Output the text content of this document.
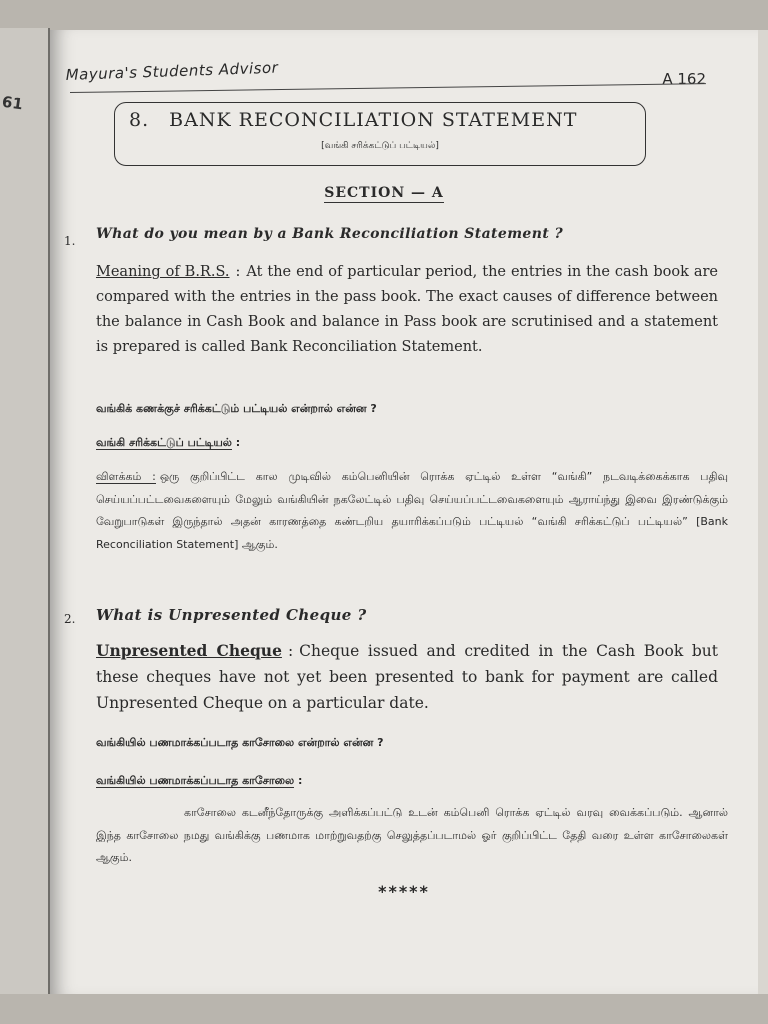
61
Mayura's Students Advisor	A 162
8. BANK RECONCILIATION STATEMENT
[வங்கி சரிக்கட்டுப் பட்டியல்]
SECTION — A
1. What do you mean by a Bank Reconciliation Statement ?
Meaning of B.R.S. : At the end of particular period, the entries in the cash book are compared with the entries in the pass book. The exact causes of difference between the balance in Cash Book and balance in Pass book are scrutinised and a statement is prepared is called Bank Reconciliation Statement.
வங்கிக் கணக்குச் சரிக்கட்டும் பட்டியல் என்றால் என்ன ?
வங்கி சரிக்கட்டுப் பட்டியல் :
விளக்கம் : ஒரு குறிப்பிட்ட கால முடிவில் கம்பெனியின் ரொக்க ஏட்டில் உள்ள “வங்கி” நடவடிக்கைக்காக பதிவு செய்யப்பட்டவைகளையும் மேலும் வங்கியின் நகலேட்டில் பதிவு செய்யப்பட்டவைகளையும் ஆராய்ந்து இவை இரண்டுக்கும் வேறுபாடுகள் இருந்தால் அதன் காரணத்தை கண்டறிய தயாரிக்கப்படும் பட்டியல் “வங்கி சரிக்கட்டுப் பட்டியல்” [Bank Reconciliation Statement] ஆகும்.
2. What is Unpresented Cheque ?
Unpresented Cheque : Cheque issued and credited in the Cash Book but these cheques have not yet been presented to bank for payment are called Unpresented Cheque on a particular date.
வங்கியில் பணமாக்கப்படாத காசோலை என்றால் என்ன ?
வங்கியில் பணமாக்கப்படாத காசோலை :
காசோலை கடனீந்தோருக்கு அளிக்கப்பட்டு உடன் கம்பெனி ரொக்க ஏட்டில் வரவு வைக்கப்படும். ஆனால் இந்த காசோலை நமது வங்கிக்கு பணமாக மாற்றுவதற்கு செலுத்தப்படாமல் ஓர் குறிப்பிட்ட தேதி வரை உள்ள காசோலைகள் ஆகும்.
*****
